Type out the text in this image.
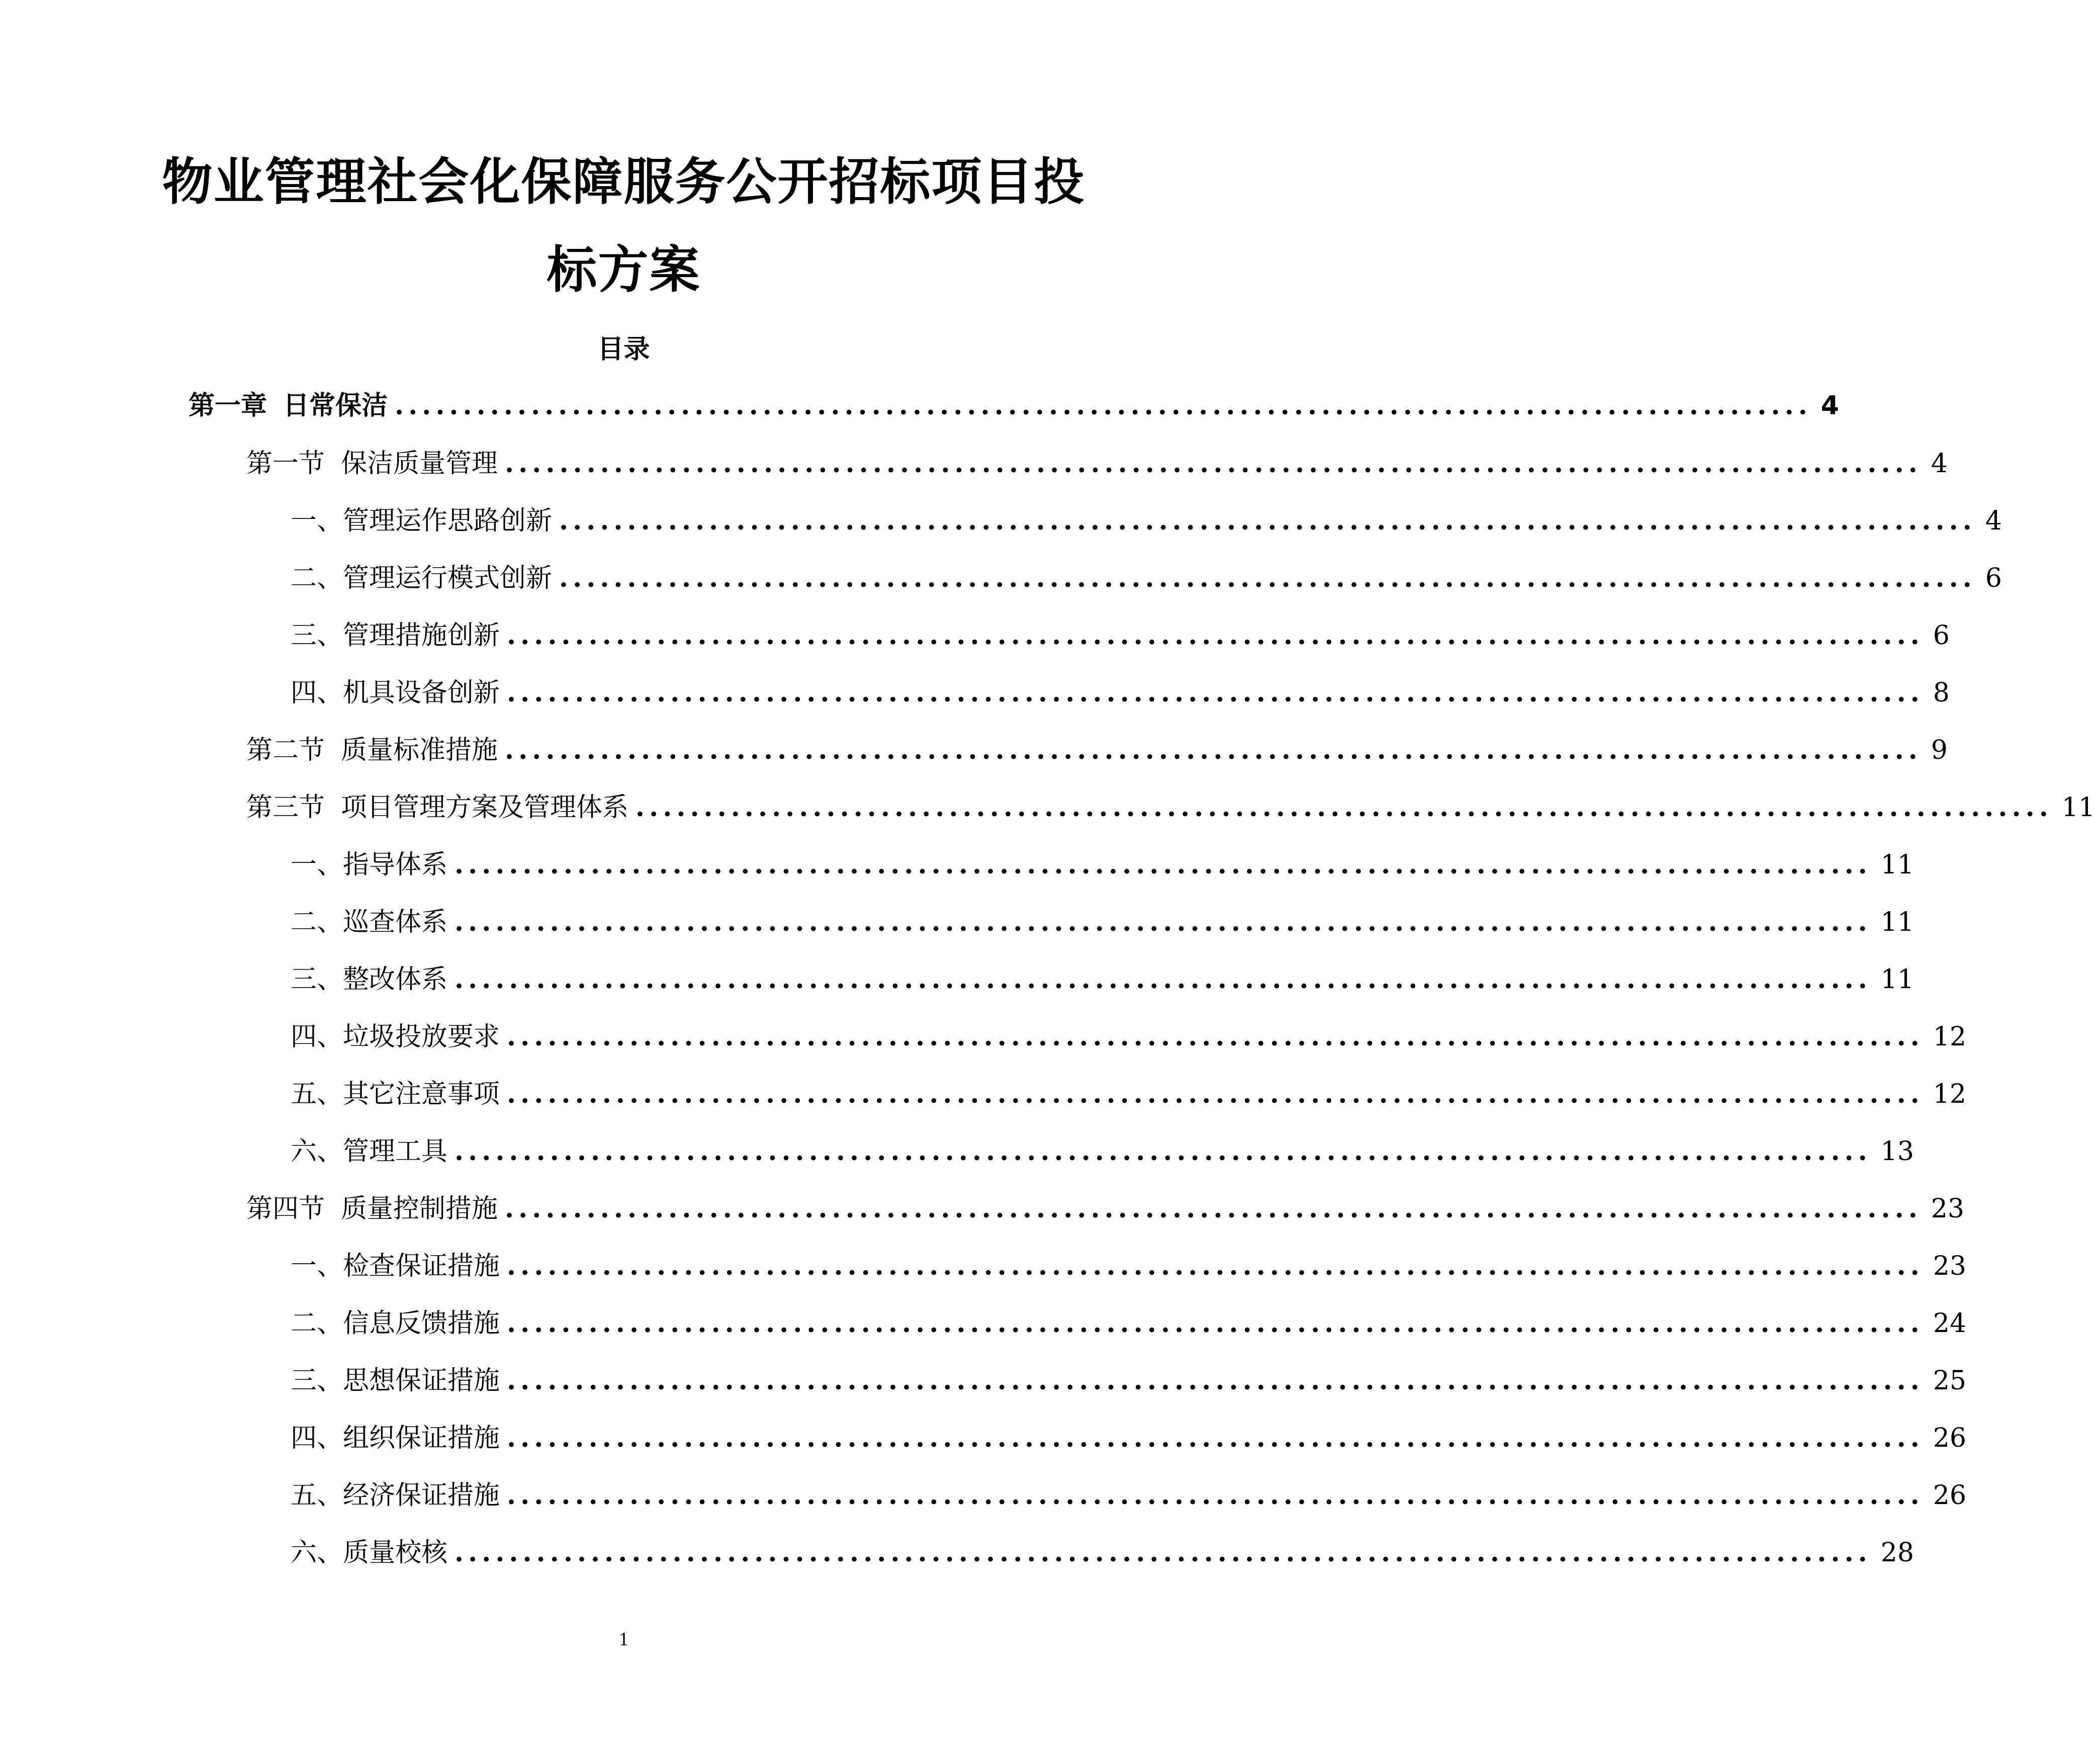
物业管理社会化保障服务公开招标项目投
标方案
目录
第一章 日常保洁 ........................................................................................................ 4
第一节 保洁质量管理 ........................................................................................................ 4
一、管理运作思路创新 ........................................................................................................ 4
二、管理运行模式创新 ........................................................................................................ 6
三、管理措施创新 ........................................................................................................ 6
四、机具设备创新 ........................................................................................................ 8
第二节 质量标准措施 ........................................................................................................ 9
第三节 项目管理方案及管理体系 ........................................................................................................ 11
一、指导体系 ........................................................................................................ 11
二、巡查体系 ........................................................................................................ 11
三、整改体系 ........................................................................................................ 11
四、垃圾投放要求 ........................................................................................................ 12
五、其它注意事项 ........................................................................................................ 12
六、管理工具 ........................................................................................................ 13
第四节 质量控制措施 ........................................................................................................ 23
一、检查保证措施 ........................................................................................................ 23
二、信息反馈措施 ........................................................................................................ 24
三、思想保证措施 ........................................................................................................ 25
四、组织保证措施 ........................................................................................................ 26
五、经济保证措施 ........................................................................................................ 26
六、质量校核 ........................................................................................................ 28
1
